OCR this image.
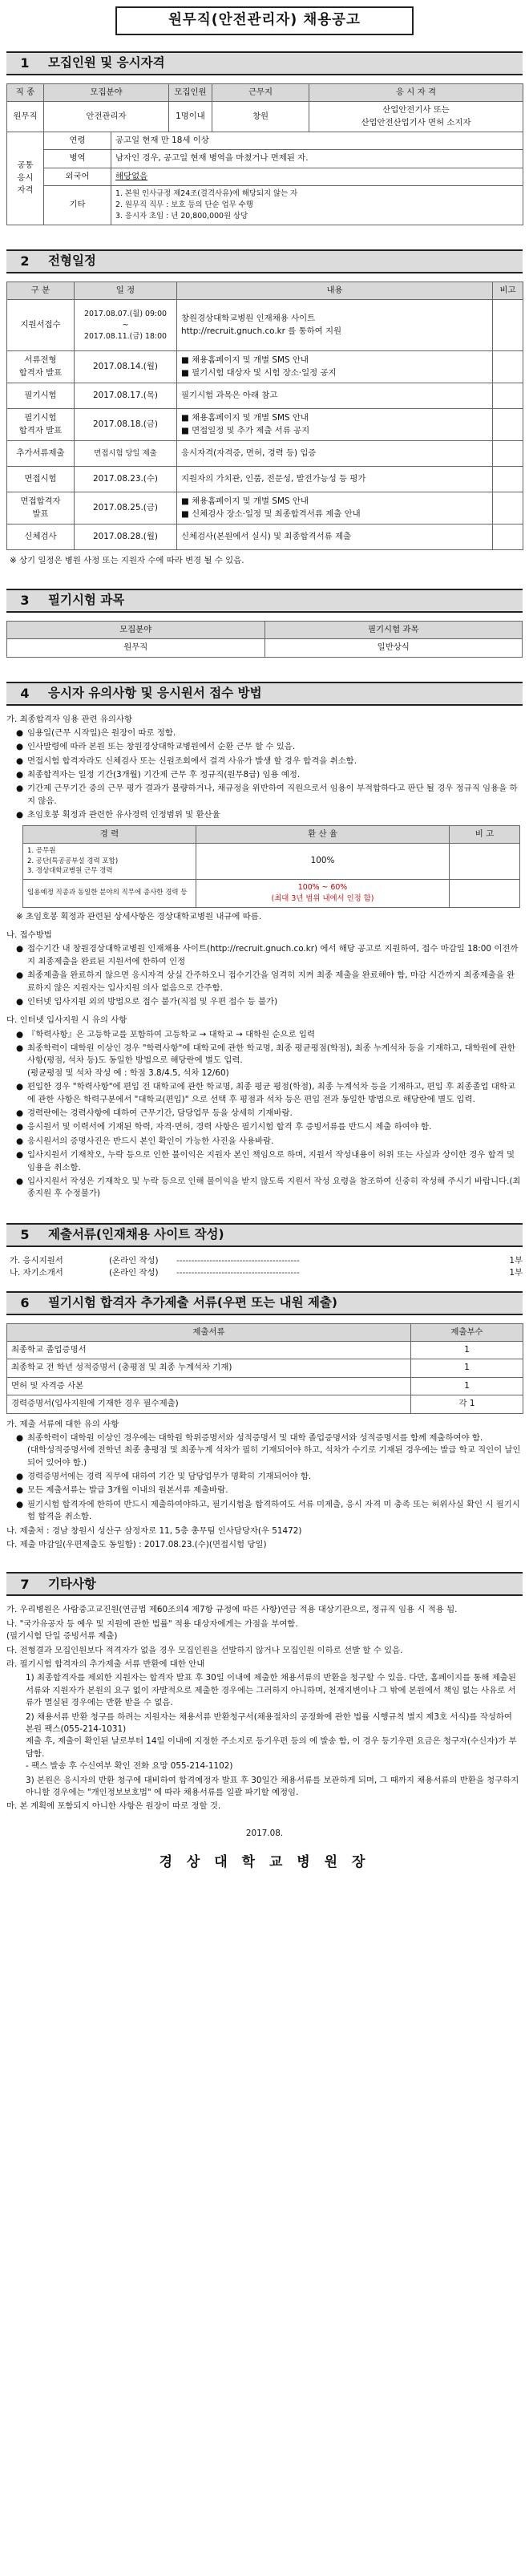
원무직(안전관리자) 채용공고
1	모집인원 및 응시자격
직 종	모집분야		모집인원	근무지	응 시 자 격
원무직	안전관리자		1명이내	창원	산업안전기사 또는
산업안전산업기사 면허 소지자

공통
응시
자격	연령	공고일 현재 만 18세 이상			
	병역	남자인 경우, 공고일 현재 병역을 마쳤거나 면제된 자.			
	외국어	해당없음			
	기타	1. 본원 인사규정 제24조(결격사유)에 해당되지 않는 자
2. 원무직 직무 : 보호 등의 단순 업무 수행
3. 응시자 초임 : 년 20,800,000원 상당			
2	전형일정
구 분	일 정	내용	비고
지원서접수	2017.08.07.(월) 09:00
~
2017.08.11.(금) 18:00	창원경상대학교병원 인재채용 사이트
http://recruit.gnuch.co.kr 를 통하여 지원	
서류전형
합격자 발표	2017.08.14.(월)	■ 채용홈페이지 및 개별 SMS 안내
■ 필기시험 대상자 및 시험 장소‧일정 공지	
필기시험	2017.08.17.(목)	필기시험 과목은 아래 참고	
필기시험
합격자 발표	2017.08.18.(금)	■ 채용홈페이지 및 개별 SMS 안내
■ 면접일정 및 추가 제출 서류 공지	
추가서류제출	면접시험 당일 제출	응시자격(자격증, 면허, 경력 등) 입증	
면접시험	2017.08.23.(수)	지원자의 가치관, 인품, 전문성, 발전가능성 등 평가	
면접합격자
발표	2017.08.25.(금)	■ 채용홈페이지 및 개별 SMS 안내
■ 신체검사 장소‧일정 및 최종합격서류 제출 안내	
신체검사	2017.08.28.(월)	신체검사(본원에서 실시) 및 최종합격서류 제출	
※ 상기 일정은 병원 사정 또는 지원자 수에 따라 변경 될 수 있음.
3	필기시험 과목
모집분야	필기시험 과목
원무직	일반상식
4	응시자 유의사항 및 응시원서 접수 방법
가. 최종합격자 임용 관련 유의사항
● 임용일(근무 시작일)은 원장이 따로 정함.
● 인사발령에 따라 본원 또는 창원경상대학교병원에서 순환 근무 할 수 있음.
● 면접시험 합격자라도 신체검사 또는 신원조회에서 결격 사유가 발생 할 경우 합격을 취소함.
● 최종합격자는 일정 기간(3개월) 기간제 근무 후 정규직(원무8급) 임용 예정.
● 기간제 근무기간 중의 근무 평가 결과가 불량하거나, 채규정을 위반하여 직원으로서 임용이 부적합하다고 판단 될 경우 정규직 임용을 하지 않음.
● 초임호봉 획정과 관련한 유사경력 인정범위 및 환산율
경 력	환 산 율	비 고
1. 공무원
2. 공단(특공공부설 경력 포함)
3. 경상대학교병원 근무 경력	100%	
임용예정 직종과 동일한 분야의 직무에 종사한 경력 등	100% ~ 60%
(최대 3년 범위 내에서 인정 함)	
※ 초임호봉 획정과 관련된 상세사항은 경상대학교병원 내규에 따름.
나. 접수방법
● 접수기간 내 창원경상대학교병원 인재채용 사이트(http://recruit.gnuch.co.kr) 에서 해당 공고로 지원하여, 접수 마감일 18:00 이전까지 최종제출을 완료된 지원서에 한하여 인정
● 최종제출을 완료하지 않으면 응시자격 상실 간주하오니 접수기간을 엄격히 지켜 최종 제출을 완료해야 함, 마감 시간까지 최종제출을 완료하지 않은 지원자는 입사지원 의사 없음으로 간주함.
● 인터넷 입사지원 외의 방법으로 접수 불가(직접 및 우편 접수 등 불가)
다. 인터넷 입사지원 시 유의 사항
● 『학력사항』은 고등학교를 포함하여 고등학교 → 대학교 → 대학원 순으로 입력
● 최종학력이 대학원 이상인 경우 "학력사항"에 대학교에 관한 학교명, 최종 평균평점(학점), 최종 누계석차 등을 기재하고, 대학원에 관한 사항(평점, 석차 등)도 동일한 방법으로 해당란에 별도 입력.
(평균평점 및 석차 작성 예 : 학점 3.8/4.5, 석차 12/60)
● 편입한 경우 "학력사항"에 편입 전 대학교에 관한 학교명, 최종 평균 평점(학점), 최종 누계석차 등을 기재하고, 편입 후 최종졸업 대학교에 관한 사항은 학력구분에서 "대학교(편입)" 으로 선택 후 평점과 석차 등은 편입 전과 동일한 방법으로 해당란에 별도 입력.
● 경력란에는 경력사항에 대하여 근무기간, 담당업무 등을 상세히 기재바람.
● 응시원서 및 이력서에 기재된 학력, 자격‧면허, 경력 사항은 필기시험 합격 후 증빙서류를 반드시 제출 하여야 함.
● 응시원서의 증명사진은 반드시 본인 확인이 가능한 사진을 사용바람.
● 입사지원서 기재착오, 누락 등으로 인한 불이익은 지원자 본인 책임으로 하며, 지원서 작성내용이 허위 또는 사실과 상이한 경우 합격 및 임용을 취소함.
● 입사지원서 작성은 기재착오 및 누락 등으로 인해 불이익을 받지 않도록 지원서 작성 요령을 참조하여 신중히 작성해 주시기 바랍니다.(최종지원 후 수정불가)
5	제출서류(인재채용 사이트 작성)
가. 응시지원서	(온라인 작성)	-----------------------------------------	1부
나. 자기소개서	(온라인 작성)	-----------------------------------------	1부
6	필기시험 합격자 추가제출 서류(우편 또는 내원 제출)
제출서류	제출부수
최종학교 졸업증명서	1
최종학교 전 학년 성적증명서 (충평점 및 최종 누계석차 기재)	1
면허 및 자격증 사본	1
경력증명서(입사지원에 기재한 경우 필수제출)	각 1
가. 제출 서류에 대한 유의 사항
● 최종학력이 대학원 이상인 경우에는 대학원 학위증명서와 성적증명서 및 대학 졸업증명서와 성적증명서를 함께 제출하여야 함.
(대학성적증명서에 전학년 최종 총평점 및 최종누계 석차가 필히 기재되어야 하고, 석차가 수기로 기재된 경우에는 발급 학교 직인이 날인 되어 있어야 함.)
● 경력증명서에는 경력 직무에 대하여 기간 및 담당업무가 명확히 기재되어야 함.
● 모든 제출서류는 발급 3개월 이내의 원본서류 제출바람.
● 필기시험 합격자에 한하여 반드시 제출하여야하고, 필기시험을 합격하여도 서류 미제출, 응시 자격 미 충족 또는 허위사실 확인 시 필기시험 합격을 취소함.
나. 제출처 : 경남 창원시 성산구 삼정자로 11, 5층 총무팀 인사담당자(우 51472)
다. 제출 마감일(우편제출도 동일함) : 2017.08.23.(수)(면접시험 당일)
7	기타사항
가. 우리병원은 사람중고교진원(연금법 제60조의4 제7항 규정에 따른 사항)연금 적용 대상기관으로, 정규직 임용 시 적용 됨.
나. "국가유공자 등 예우 및 지원에 관한 법률" 적용 대상자에게는 가점을 부여함.
(필기시험 단일 증빙서류 제출)
다. 전형결과 모집인원보다 적격자가 없을 경우 모집인원을 선발하지 않거나 모집인원 이하로 선발 할 수 있음.
라. 필기시험 합격자의 추가제출 서류 반환에 대한 안내
1) 최종합격자를 제외한 지원자는 합격자 발표 후 30일 이내에 제출한 채용서류의 반환을 청구할 수 있음. 다만, 홈페이지를 통해 제출된 서류와 지원자가 본원의 요구 없이 자발적으로 제출한 경우에는 그러하지 아니하며, 천재지변이나 그 밖에 본원에서 책임 없는 사유로 서류가 멸실된 경우에는 반환 받을 수 없음.
2) 채용서류 반환 청구를 하려는 지원자는 채용서류 반환청구서(채용절차의 공정화에 관한 법률 시행규칙 별지 제3호 서식)를 작성하여 본원 팩스(055-214-1031)
제출 후, 제출이 확인된 날로부터 14일 이내에 지정한 주소지로 등기우편 등의 에 발송 함, 이 경우 등기우편 요금은 청구자(수신자)가 부담함.
- 팩스 발송 후 수신여부 확인 전화 요망 055-214-1102)
3) 본원은 응시자의 반환 청구에 대비하여 합격예정자 발표 후 30일간 채용서류를 보관하게 되며, 그 때까지 채용서류의 반환을 청구하지 아니할 경우에는 "개인정보보호법" 에 따라 채용서류를 일괄 파기할 예정임.
마. 본 계획에 포함되지 아니한 사항은 원장이 따로 정할 것.
2017.08.
경 상 대 학 교 병 원 장
